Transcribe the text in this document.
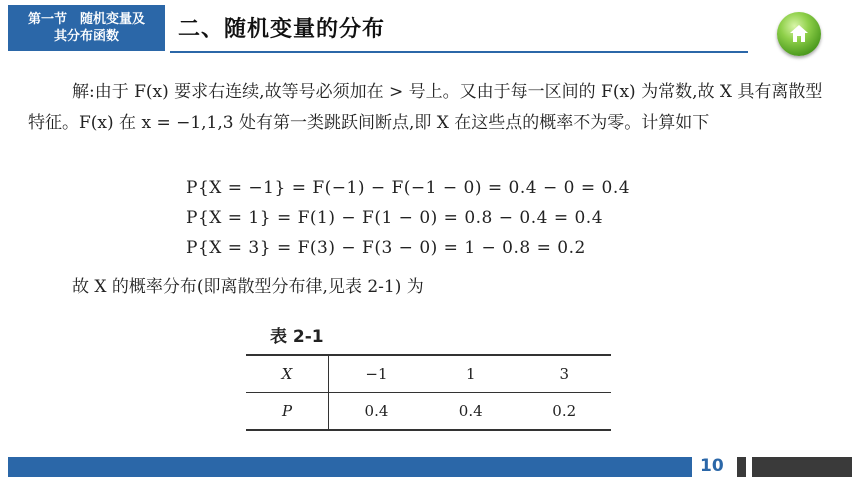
第一节　随机变量及
其分布函数	二、随机变量的分布
解:由于 F(x) 要求右连续,故等号必须加在 > 号上。又由于每一区间的 F(x) 为常数,故 X 具有离散型特征。F(x) 在 x = −1,1,3 处有第一类跳跃间断点,即 X 在这些点的概率不为零。计算如下
P{X = −1} = F(−1) − F(−1 − 0) = 0.4 − 0 = 0.4
P{X = 1} = F(1) − F(1 − 0) = 0.8 − 0.4 = 0.4
P{X = 3} = F(3) − F(3 − 0) = 1 − 0.8 = 0.2
故 X 的概率分布(即离散型分布律,见表 2-1) 为
表 2-1
X	−1	1	3
P	0.4	0.4	0.2
10
